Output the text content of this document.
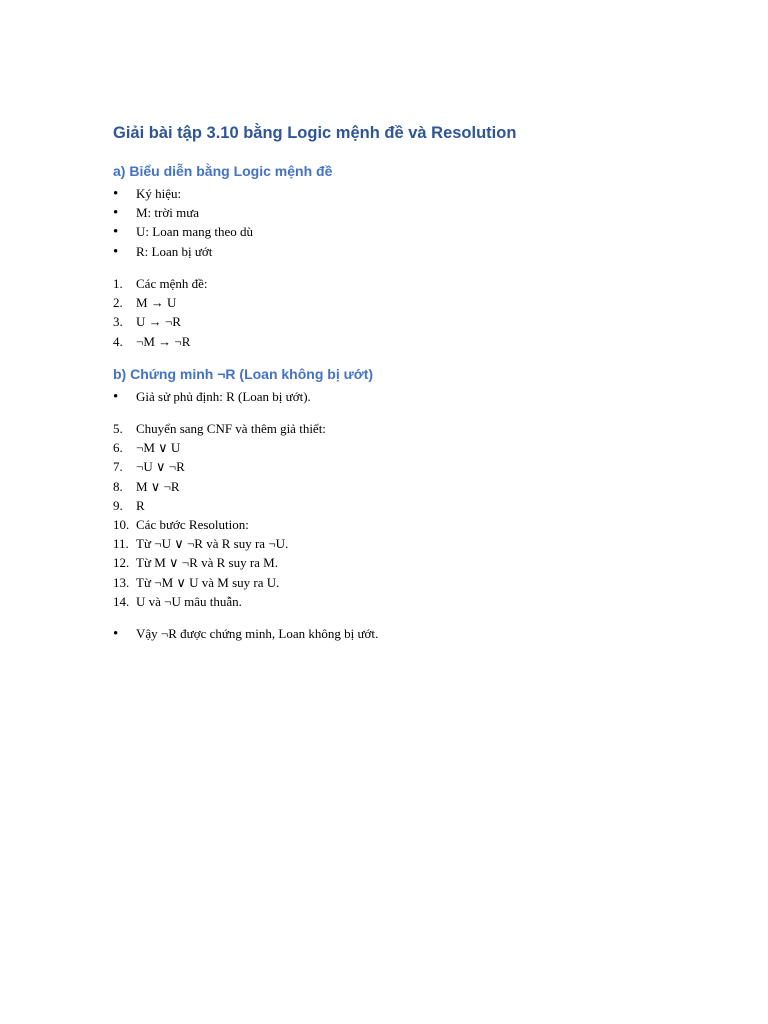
Giải bài tập 3.10 bằng Logic mệnh đề và Resolution
a) Biểu diễn bằng Logic mệnh đề
•
Ký hiệu:
•
M: trời mưa
•
U: Loan mang theo dù
•
R: Loan bị ướt
1.	Các mệnh đề:
2.	M → U
3.	U → ¬R
4.	¬M → ¬R
b) Chứng minh ¬R (Loan không bị ướt)
•
Giả sử phủ định: R (Loan bị ướt).
5.	Chuyển sang CNF và thêm giả thiết:
6.	¬M ∨ U
7.	¬U ∨ ¬R
8.	M ∨ ¬R
9.	R
10. Các bước Resolution:
11. Từ ¬U ∨ ¬R và R suy ra ¬U.
12. Từ M ∨ ¬R và R suy ra M.
13. Từ ¬M ∨ U và M suy ra U.
14. U và ¬U mâu thuẫn.
•
Vậy ¬R được chứng minh, Loan không bị ướt.
